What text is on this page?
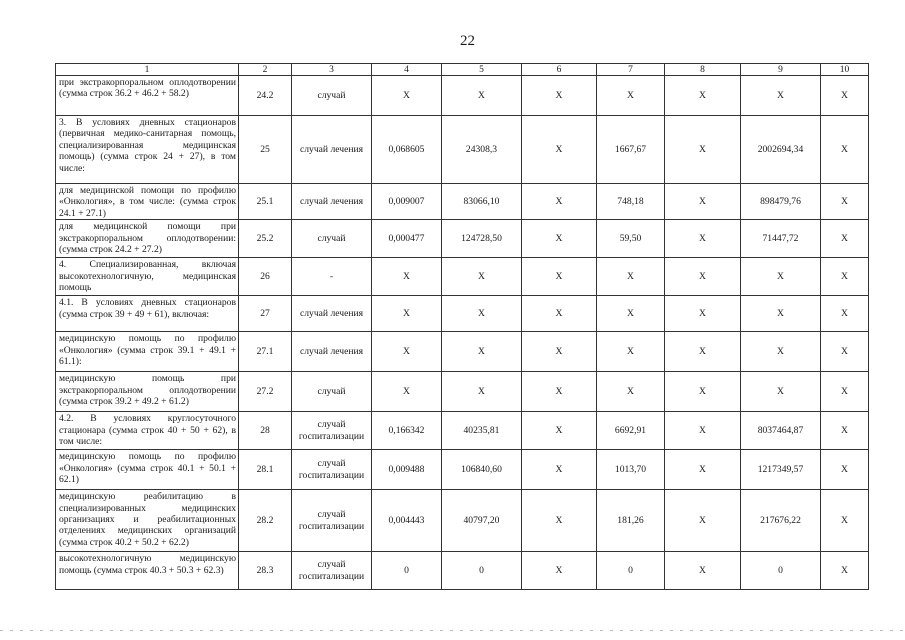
22
1	2	3	4	5	6	7	8	9	10
при экстракорпоральном оплодотворении (сумма строк 36.2 + 46.2 + 58.2)	24.2	случай	X	X	X	X	X	X	X
3. В условиях дневных стационаров (первичная медико-санитарная помощь, специализированная медицинская помощь) (сумма строк 24 + 27), в том числе:	25	случай лечения	0,068605	24308,3	X	1667,67	X	2002694,34	X
для медицинской помощи по профилю «Онкология», в том числе: (сумма строк 24.1 + 27.1)	25.1	случай лечения	0,009007	83066,10	X	748,18	X	898479,76	X
для медицинской помощи при экстракорпоральном оплодотворении: (сумма строк 24.2 + 27.2)	25.2	случай	0,000477	124728,50	X	59,50	X	71447,72	X
4. Специализированная, включая высокотехнологичную, медицинская помощь	26	-	X	X	X	X	X	X	X
4.1. В условиях дневных стационаров (сумма строк 39 + 49 + 61), включая:	27	случай лечения	X	X	X	X	X	X	X
медицинскую помощь по профилю «Онкология» (сумма строк 39.1 + 49.1 + 61.1):	27.1	случай лечения	X	X	X	X	X	X	X
медицинскую помощь при экстракорпоральном оплодотворении (сумма строк 39.2 + 49.2 + 61.2)	27.2	случай	X	X	X	X	X	X	X
4.2. В условиях круглосуточного стационара (сумма строк 40 + 50 + 62), в том числе:	28	случай госпитализации	0,166342	40235,81	X	6692,91	X	8037464,87	X
медицинскую помощь по профилю «Онкология» (сумма строк 40.1 + 50.1 + 62.1)	28.1	случай госпитализации	0,009488	106840,60	X	1013,70	X	1217349,57	X
медицинскую реабилитацию в специализированных медицинских организациях и реабилитационных отделениях медицинских организаций (сумма строк 40.2 + 50.2 + 62.2)	28.2	случай госпитализации	0,004443	40797,20	X	181,26	X	217676,22	X
высокотехнологичную медицинскую помощь (сумма строк 40.3 + 50.3 + 62.3)	28.3	случай госпитализации	0	0	X	0	X	0	X
